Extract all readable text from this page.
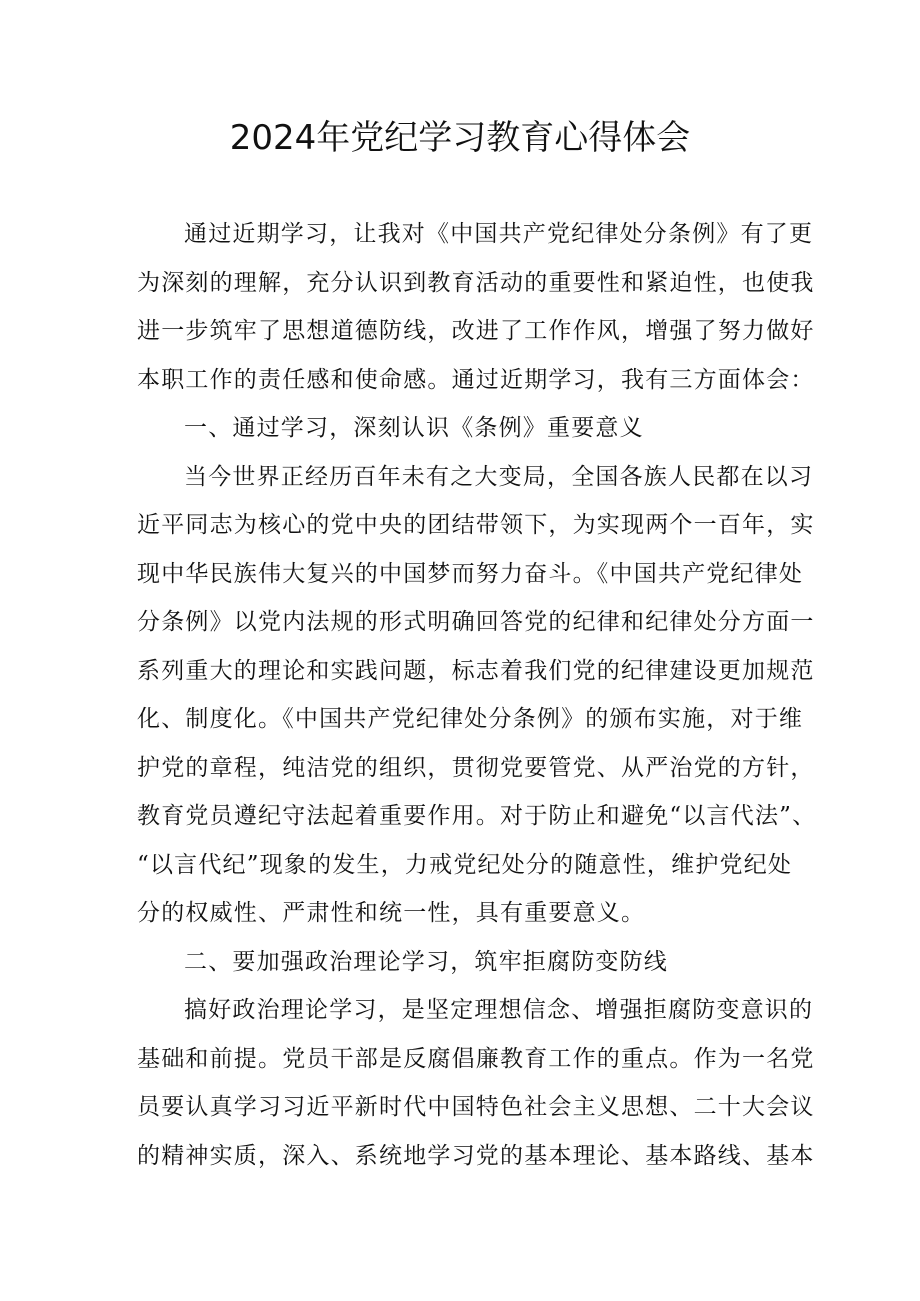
2024年党纪学习教育心得体会
通过近期学习，让我对《中国共产党纪律处分条例》有了更
为深刻的理解，充分认识到教育活动的重要性和紧迫性，也使我
进一步筑牢了思想道德防线，改进了工作作风，增强了努力做好
本职工作的责任感和使命感。通过近期学习，我有三方面体会：
一、通过学习，深刻认识《条例》重要意义
当今世界正经历百年未有之大变局，全国各族人民都在以习
近平同志为核心的党中央的团结带领下，为实现两个一百年，实
现中华民族伟大复兴的中国梦而努力奋斗。《中国共产党纪律处
分条例》以党内法规的形式明确回答党的纪律和纪律处分方面一
系列重大的理论和实践问题，标志着我们党的纪律建设更加规范
化、制度化。《中国共产党纪律处分条例》的颁布实施，对于维
护党的章程，纯洁党的组织，贯彻党要管党、从严治党的方针，
教育党员遵纪守法起着重要作用。对于防止和避免“以言代法”、
“以言代纪”现象的发生，力戒党纪处分的随意性，维护党纪处
分的权威性、严肃性和统一性，具有重要意义。
二、要加强政治理论学习，筑牢拒腐防变防线
搞好政治理论学习，是坚定理想信念、增强拒腐防变意识的
基础和前提。党员干部是反腐倡廉教育工作的重点。作为一名党
员要认真学习习近平新时代中国特色社会主义思想、二十大会议
的精神实质，深入、系统地学习党的基本理论、基本路线、基本
